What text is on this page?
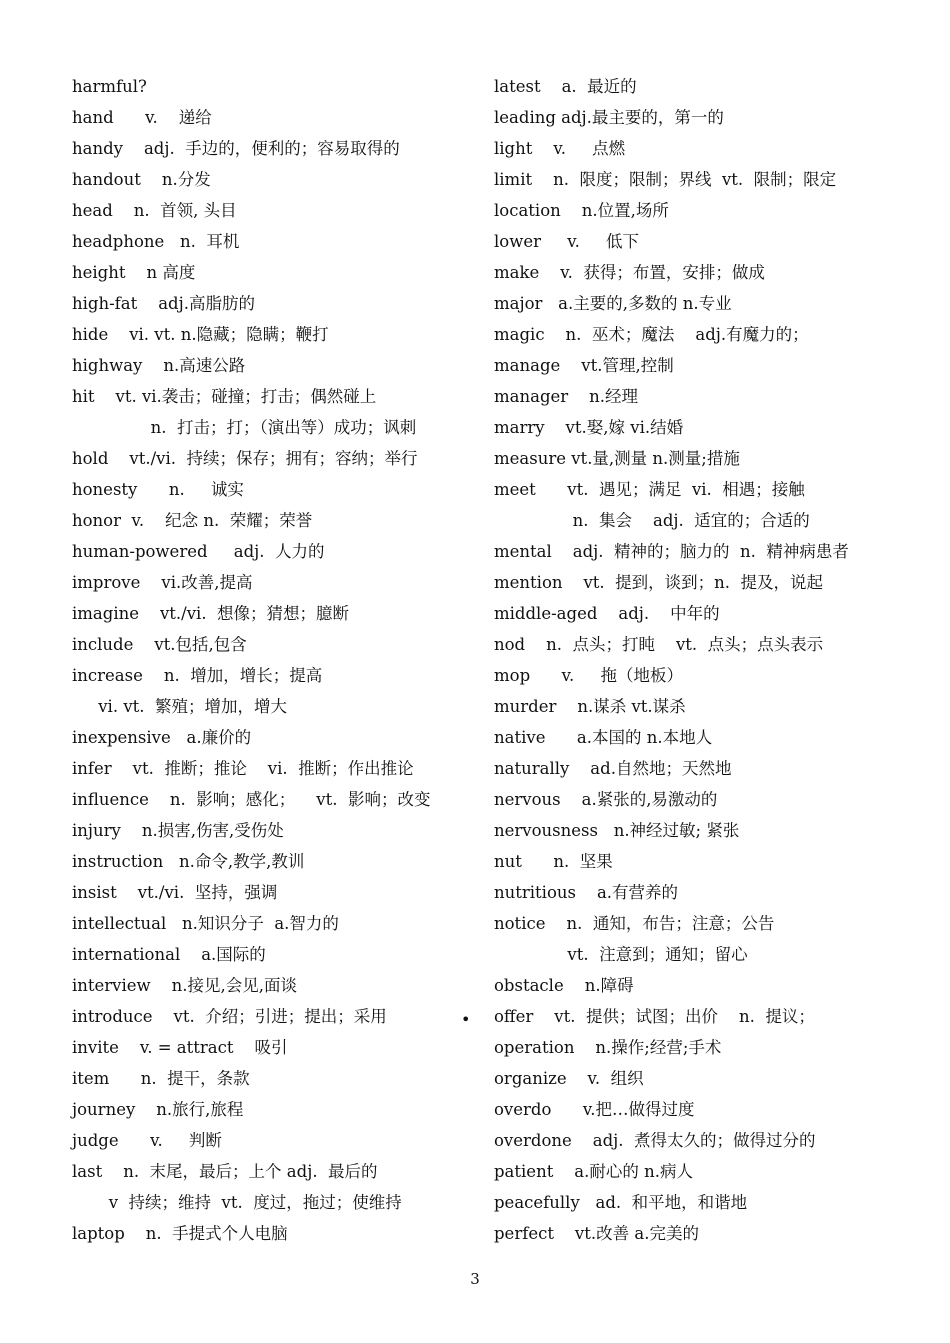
harmful?
hand      v.    递给
handy    adj.  手边的，便利的；容易取得的
handout    n.分发
head    n.  首领, 头目
headphone   n.  耳机
height    n 高度
high-fat    adj.高脂肪的
hide    vi. vt. n.隐藏；隐瞒；鞭打
highway    n.高速公路
hit    vt. vi.袭击；碰撞；打击；偶然碰上
n.  打击；打；（演出等）成功；讽刺
hold    vt./vi.  持续；保存；拥有；容纳；举行
honesty      n.     诚实
honor  v.    纪念 n.  荣耀；荣誉
human-powered     adj.  人力的
improve    vi.改善,提高
imagine    vt./vi.  想像；猜想；臆断
include    vt.包括,包含
increase    n.  增加，增长；提高
vi. vt.  繁殖；增加，增大
inexpensive   a.廉价的
infer    vt.  推断；推论    vi.  推断；作出推论
influence    n.  影响；感化；    vt.  影响；改变
injury    n.损害,伤害,受伤处
instruction   n.命令,教学,教训
insist    vt./vi.  坚持，强调
intellectual   n.知识分子  a.智力的
international    a.国际的
interview    n.接见,会见,面谈
introduce    vt.  介绍；引进；提出；采用
invite    v. = attract    吸引
item      n.  提干，条款
journey    n.旅行,旅程
judge      v.     判断
last    n.  末尾，最后；上个 adj.  最后的
v  持续；维持  vt.  度过，拖过；使维持
laptop    n.  手提式个人电脑
latest    a.  最近的
leading adj.最主要的，第一的
light    v.     点燃
limit    n.  限度；限制；界线  vt.  限制；限定
location    n.位置,场所
lower     v.     低下
make    v.  获得；布置，安排；做成
major   a.主要的,多数的 n.专业
magic    n.  巫术；魔法    adj.有魔力的；
manage    vt.管理,控制
manager    n.经理
marry    vt.娶,嫁 vi.结婚
measure vt.量,测量 n.测量;措施
meet      vt.  遇见；满足  vi.  相遇；接触
n.  集会    adj.  适宜的；合适的
mental    adj.  精神的；脑力的  n.  精神病患者
mention    vt.  提到，谈到；n.  提及，说起
middle-aged    adj.    中年的
nod    n.  点头；打盹    vt.  点头；点头表示
mop      v.     拖（地板）
murder    n.谋杀 vt.谋杀
native      a.本国的 n.本地人
naturally    ad.自然地；天然地
nervous    a.紧张的,易激动的
nervousness   n.神经过敏; 紧张
nut      n.  坚果
nutritious    a.有营养的
notice    n.  通知，布告；注意；公告
vt.  注意到；通知；留心
obstacle    n.障碍
offer    vt.  提供；试图；出价    n.  提议；
operation    n.操作;经营;手术
organize    v.  组织
overdo      v.把…做得过度
overdone    adj.  煮得太久的；做得过分的
patient    a.耐心的 n.病人
peacefully   ad.  和平地，和谐地
perfect    vt.改善 a.完美的
•
3
